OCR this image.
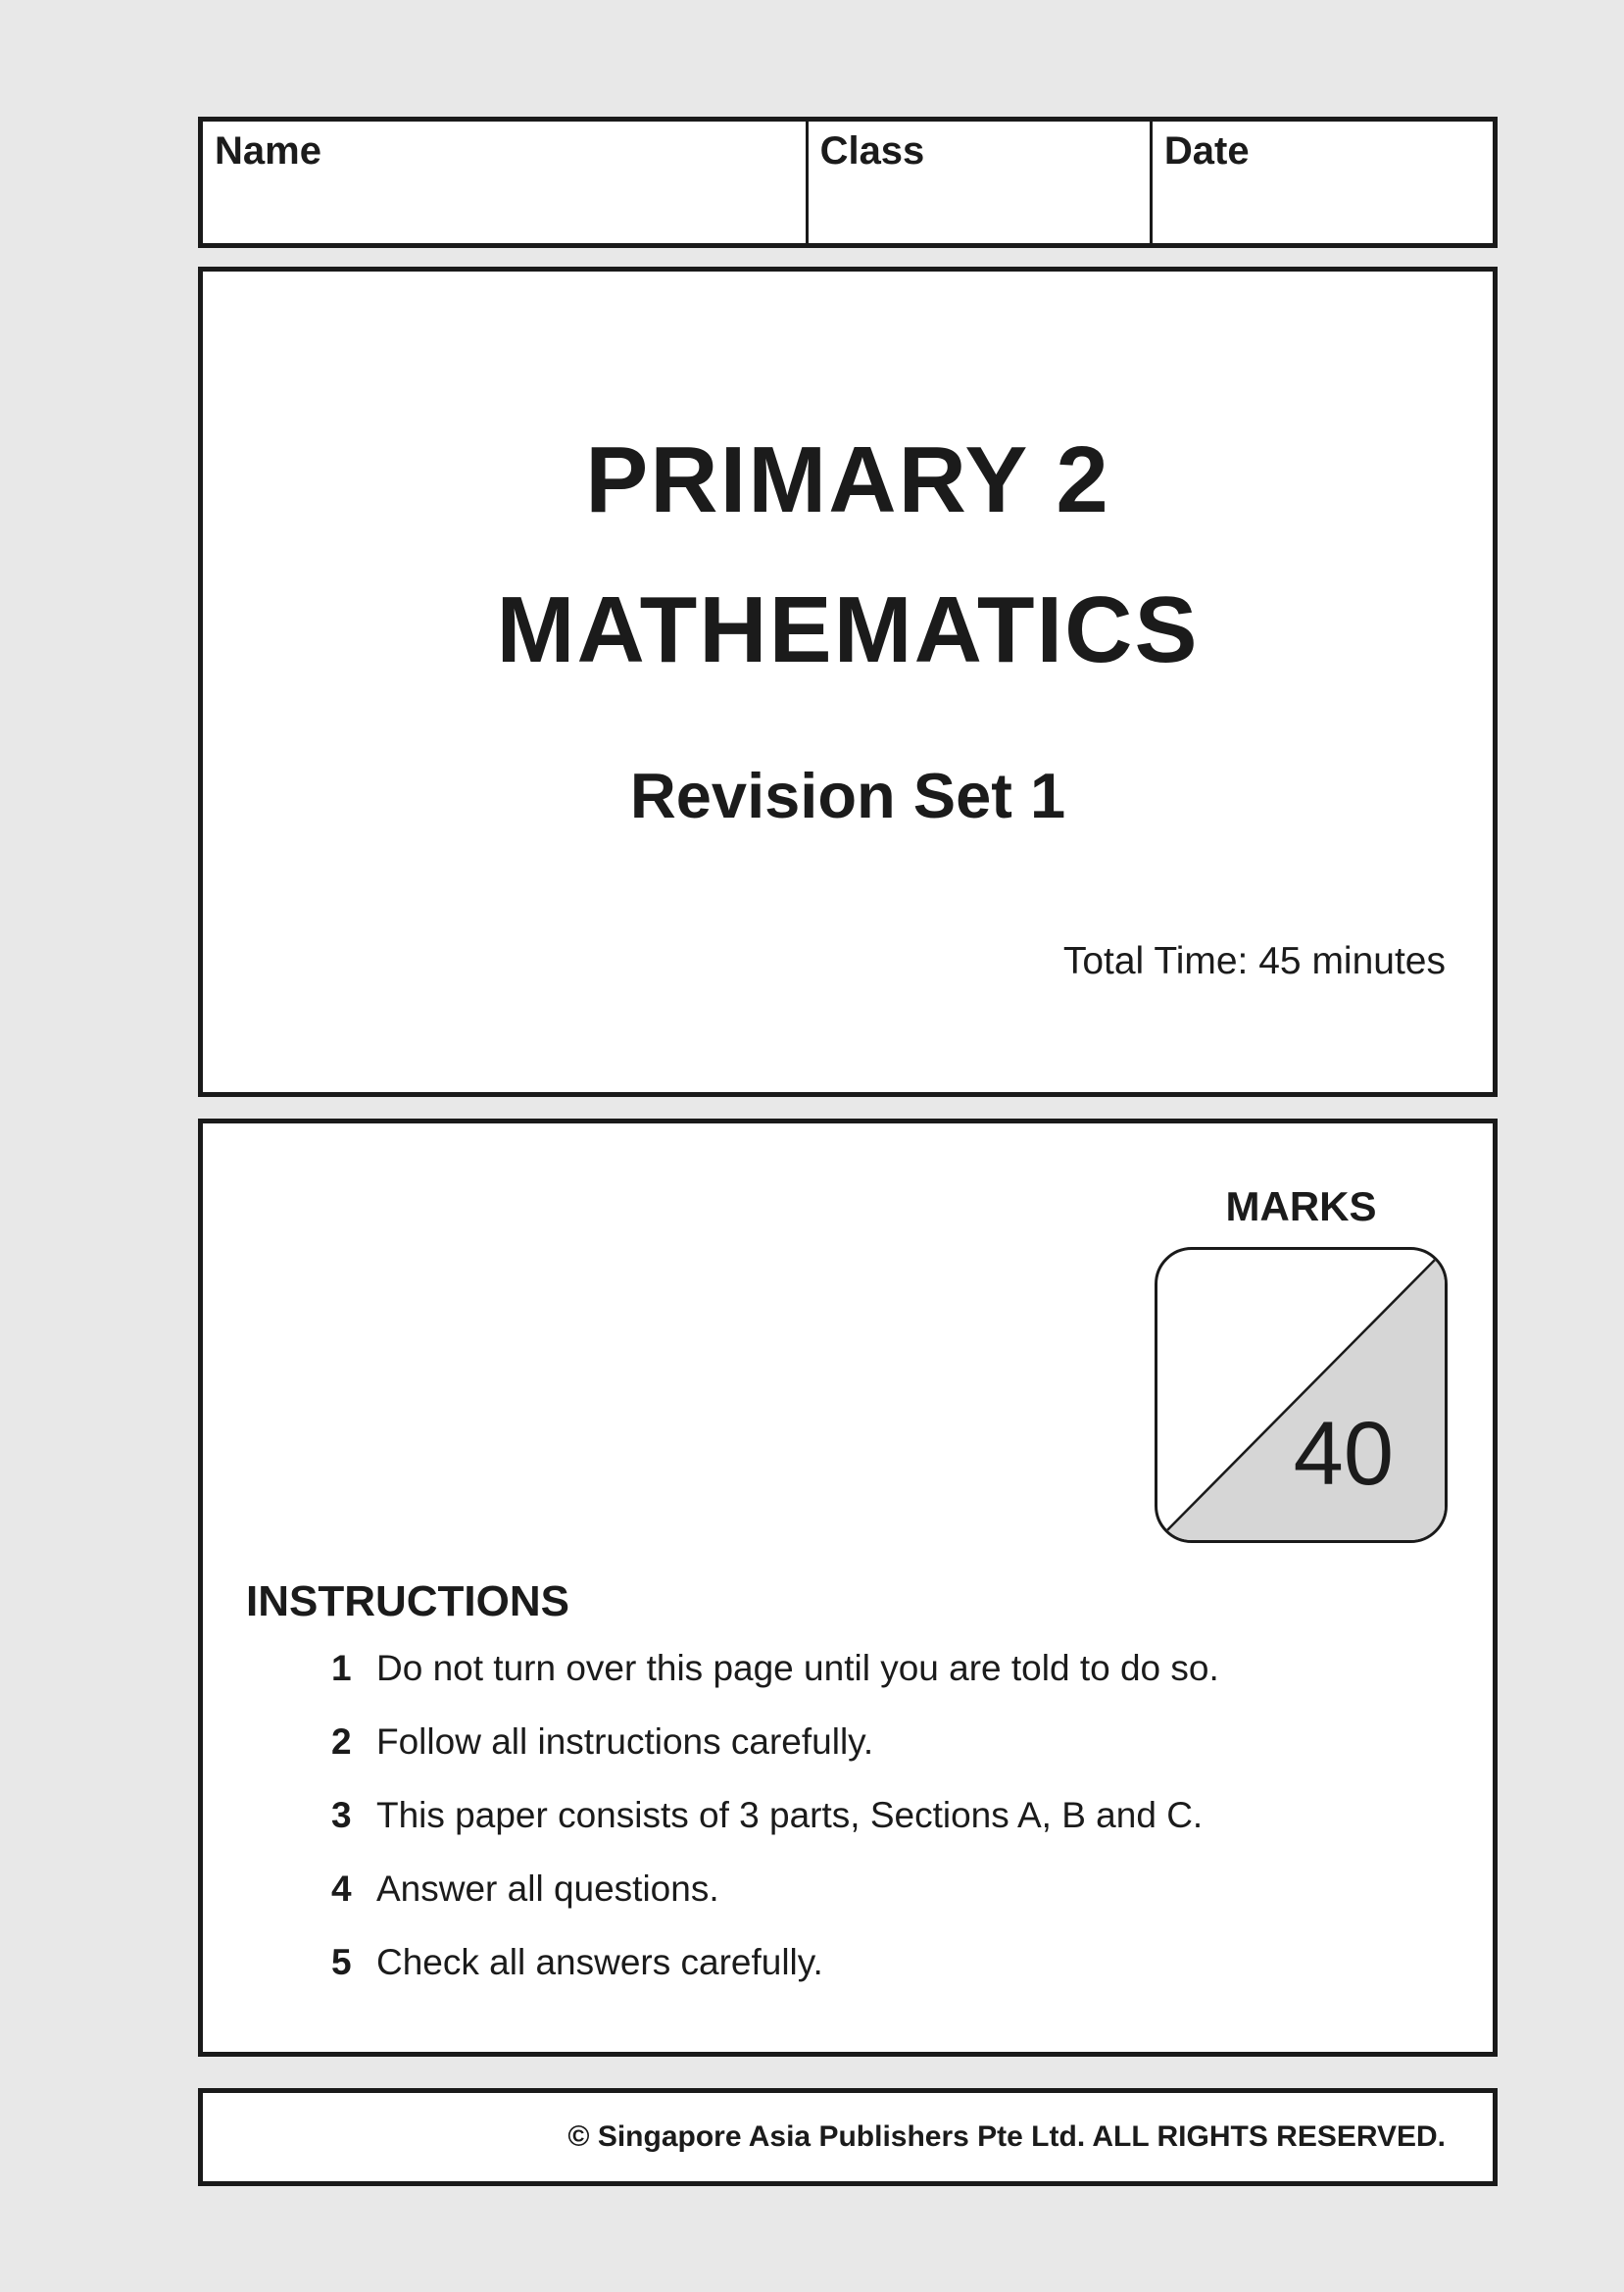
Name	Class	Date
PRIMARY 2
MATHEMATICS
Revision Set 1
Total Time: 45 minutes
MARKS
40
INSTRUCTIONS
1 Do not turn over this page until you are told to do so.
2 Follow all instructions carefully.
3 This paper consists of 3 parts, Sections A, B and C.
4 Answer all questions.
5 Check all answers carefully.
© Singapore Asia Publishers Pte Ltd. ALL RIGHTS RESERVED.
